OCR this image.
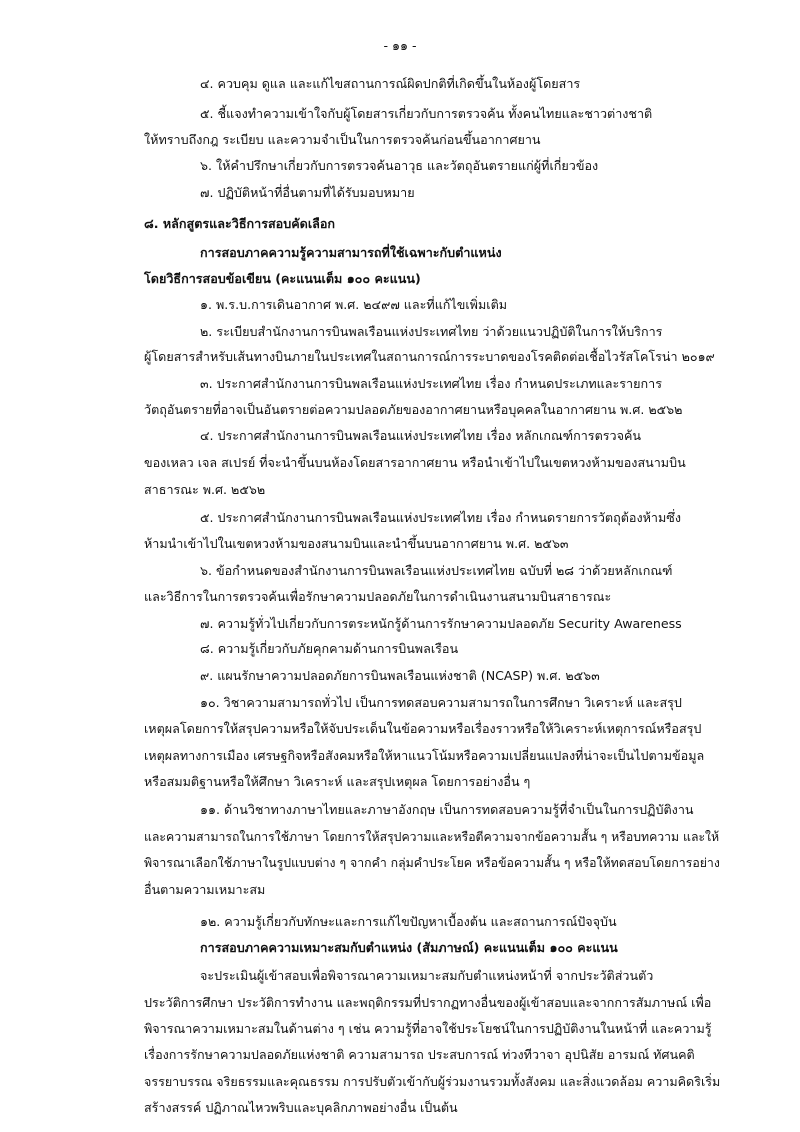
- ๑๑ -
๔. ควบคุม ดูแล และแก้ไขสถานการณ์ผิดปกติที่เกิดขึ้นในห้องผู้โดยสาร
๕. ชี้แจงทำความเข้าใจกับผู้โดยสารเกี่ยวกับการตรวจค้น ทั้งคนไทยและชาวต่างชาติ
ให้ทราบถึงกฎ ระเบียบ และความจำเป็นในการตรวจค้นก่อนขึ้นอากาศยาน
๖. ให้คำปรึกษาเกี่ยวกับการตรวจค้นอาวุธ และวัตถุอันตรายแก่ผู้ที่เกี่ยวข้อง
๗. ปฏิบัติหน้าที่อื่นตามที่ได้รับมอบหมาย
๘. หลักสูตรและวิธีการสอบคัดเลือก
การสอบภาคความรู้ความสามารถที่ใช้เฉพาะกับตำแหน่ง
โดยวิธีการสอบข้อเขียน (คะแนนเต็ม ๑๐๐ คะแนน)
๑. พ.ร.บ.การเดินอากาศ พ.ศ. ๒๔๙๗ และที่แก้ไขเพิ่มเติม
๒. ระเบียบสำนักงานการบินพลเรือนแห่งประเทศไทย ว่าด้วยแนวปฏิบัติในการให้บริการ
ผู้โดยสารสำหรับเส้นทางบินภายในประเทศในสถานการณ์การระบาดของโรคติดต่อเชื้อไวรัสโคโรน่า ๒๐๑๙
๓. ประกาศสำนักงานการบินพลเรือนแห่งประเทศไทย เรื่อง กำหนดประเภทและรายการ
วัตถุอันตรายที่อาจเป็นอันตรายต่อความปลอดภัยของอากาศยานหรือบุคคลในอากาศยาน พ.ศ. ๒๕๖๒
๔. ประกาศสำนักงานการบินพลเรือนแห่งประเทศไทย เรื่อง หลักเกณฑ์การตรวจค้น
ของเหลว เจล สเปรย์ ที่จะนำขึ้นบนห้องโดยสารอากาศยาน หรือนำเข้าไปในเขตหวงห้ามของสนามบิน
สาธารณะ พ.ศ. ๒๕๖๒
๕. ประกาศสำนักงานการบินพลเรือนแห่งประเทศไทย เรื่อง กำหนดรายการวัตถุต้องห้ามซึ่ง
ห้ามนำเข้าไปในเขตหวงห้ามของสนามบินและนำขึ้นบนอากาศยาน พ.ศ. ๒๕๖๓
๖. ข้อกำหนดของสำนักงานการบินพลเรือนแห่งประเทศไทย ฉบับที่ ๒๘ ว่าด้วยหลักเกณฑ์
และวิธีการในการตรวจค้นเพื่อรักษาความปลอดภัยในการดำเนินงานสนามบินสาธารณะ
๗. ความรู้ทั่วไปเกี่ยวกับการตระหนักรู้ด้านการรักษาความปลอดภัย Security Awareness
๘. ความรู้เกี่ยวกับภัยคุกคามด้านการบินพลเรือน
๙. แผนรักษาความปลอดภัยการบินพลเรือนแห่งชาติ (NCASP) พ.ศ. ๒๕๖๓
๑๐. วิชาความสามารถทั่วไป เป็นการทดสอบความสามารถในการศึกษา วิเคราะห์ และสรุป
เหตุผลโดยการให้สรุปความหรือให้จับประเด็นในข้อความหรือเรื่องราวหรือให้วิเคราะห์เหตุการณ์หรือสรุป
เหตุผลทางการเมือง เศรษฐกิจหรือสังคมหรือให้หาแนวโน้มหรือความเปลี่ยนแปลงที่น่าจะเป็นไปตามข้อมูล
หรือสมมติฐานหรือให้ศึกษา วิเคราะห์ และสรุปเหตุผล โดยการอย่างอื่น ๆ
๑๑. ด้านวิชาทางภาษาไทยและภาษาอังกฤษ เป็นการทดสอบความรู้ที่จำเป็นในการปฏิบัติงาน
และความสามารถในการใช้ภาษา โดยการให้สรุปความและหรือตีความจากข้อความสั้น ๆ หรือบทความ และให้
พิจารณาเลือกใช้ภาษาในรูปแบบต่าง ๆ จากคำ กลุ่มคำประโยค หรือข้อความสั้น ๆ หรือให้ทดสอบโดยการอย่าง
อื่นตามความเหมาะสม
๑๒. ความรู้เกี่ยวกับทักษะและการแก้ไขปัญหาเบื้องต้น และสถานการณ์ปัจจุบัน
การสอบภาคความเหมาะสมกับตำแหน่ง (สัมภาษณ์) คะแนนเต็ม ๑๐๐ คะแนน
จะประเมินผู้เข้าสอบเพื่อพิจารณาความเหมาะสมกับตำแหน่งหน้าที่ จากประวัติส่วนตัว
ประวัติการศึกษา ประวัติการทำงาน และพฤติกรรมที่ปรากฏทางอื่นของผู้เข้าสอบและจากการสัมภาษณ์ เพื่อ
พิจารณาความเหมาะสมในด้านต่าง ๆ เช่น ความรู้ที่อาจใช้ประโยชน์ในการปฏิบัติงานในหน้าที่ และความรู้
เรื่องการรักษาความปลอดภัยแห่งชาติ ความสามารถ ประสบการณ์ ท่วงทีวาจา อุปนิสัย อารมณ์ ทัศนคติ
จรรยาบรรณ จริยธรรมและคุณธรรม การปรับตัวเข้ากับผู้ร่วมงานรวมทั้งสังคม และสิ่งแวดล้อม ความคิดริเริ่ม
สร้างสรรค์ ปฏิภาณไหวพริบและบุคลิกภาพอย่างอื่น เป็นต้น
